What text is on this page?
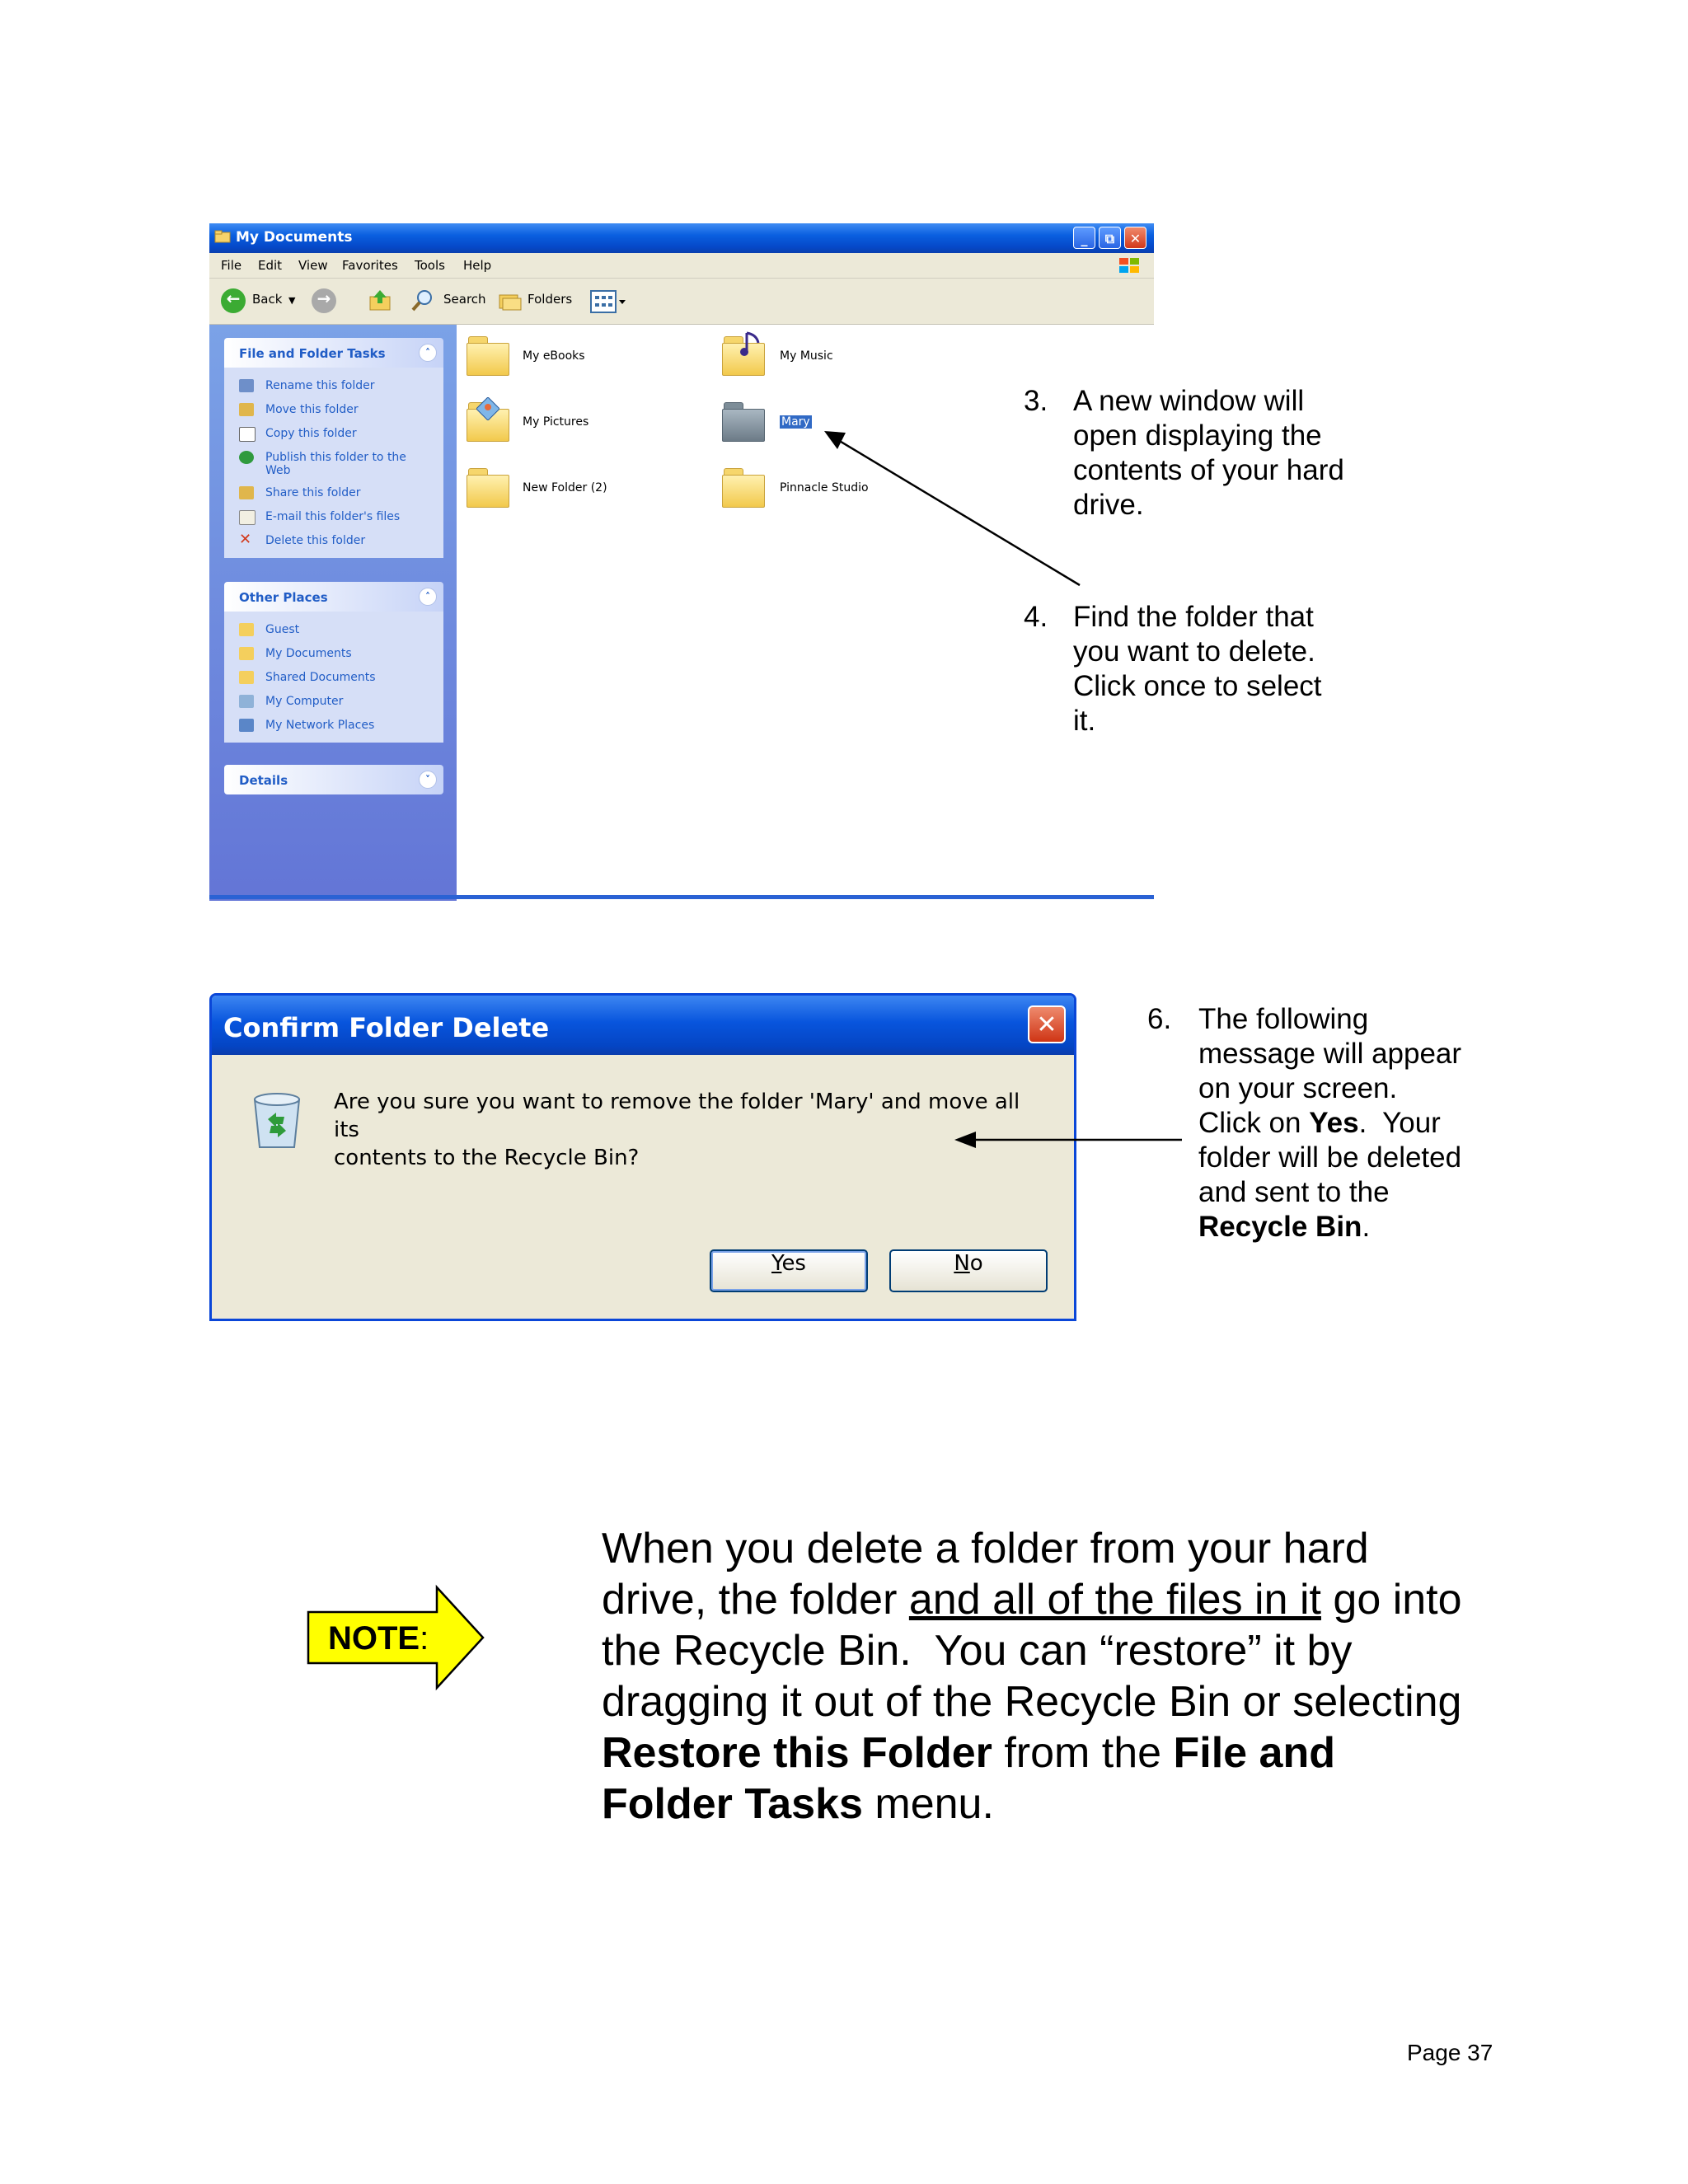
My Documents	_	⧉	✕
File Edit View Favorites Tools Help
← Back ▼	→	Search	Folders
File and Folder Tasks	˄
Rename this folder
Move this folder
Copy this folder
Publish this folder to the
Web
Share this folder
E-mail this folder's files
✕ Delete this folder
Other Places	˄
Guest
My Documents
Shared Documents
My Computer
My Network Places
Details	˅
My eBooks	My Music
My Pictures	Mary
New Folder (2)	Pinnacle Studio
3. A new window will
open displaying the
contents of your hard
drive.
4. Find the folder that
you want to delete.
Click once to select
it.
Confirm Folder Delete	✕
Are you sure you want to remove the folder 'Mary' and move all its
contents to the Recycle Bin?
Yes	No
6. The following
message will appear
on your screen.
Click on Yes.  Your
folder will be deleted
and sent to the
Recycle Bin.
NOTE:
When you delete a folder from your hard drive, the folder and all of the files in it go into the Recycle Bin.  You can “restore” it by dragging it out of the Recycle Bin or selecting Restore this Folder from the File and Folder Tasks menu.
Page 37
